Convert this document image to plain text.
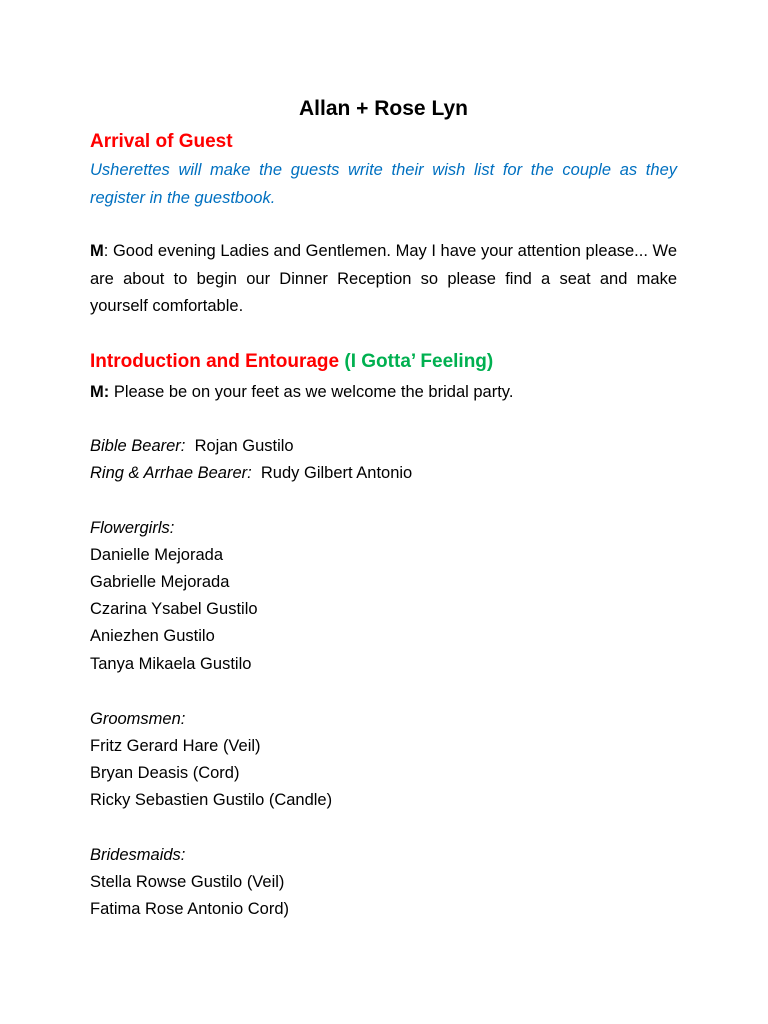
Allan + Rose Lyn
Arrival of Guest

Usherettes will make the guests write their wish list for the couple as they register in the guestbook.

M: Good evening Ladies and Gentlemen. May I have your attention please... We are about to begin our Dinner Reception so please find a seat and make yourself comfortable.

Introduction and Entourage (I Gotta’ Feeling)

M: Please be on your feet as we welcome the bridal party.

Bible Bearer: Rojan Gustilo

Ring & Arrhae Bearer: Rudy Gilbert Antonio

Flowergirls:

Danielle Mejorada

Gabrielle Mejorada

Czarina Ysabel Gustilo

Aniezhen Gustilo

Tanya Mikaela Gustilo

Groomsmen:

Fritz Gerard Hare (Veil)

Bryan Deasis (Cord)

Ricky Sebastien Gustilo (Candle)

Bridesmaids:

Stella Rowse Gustilo (Veil)

Fatima Rose Antonio Cord)
